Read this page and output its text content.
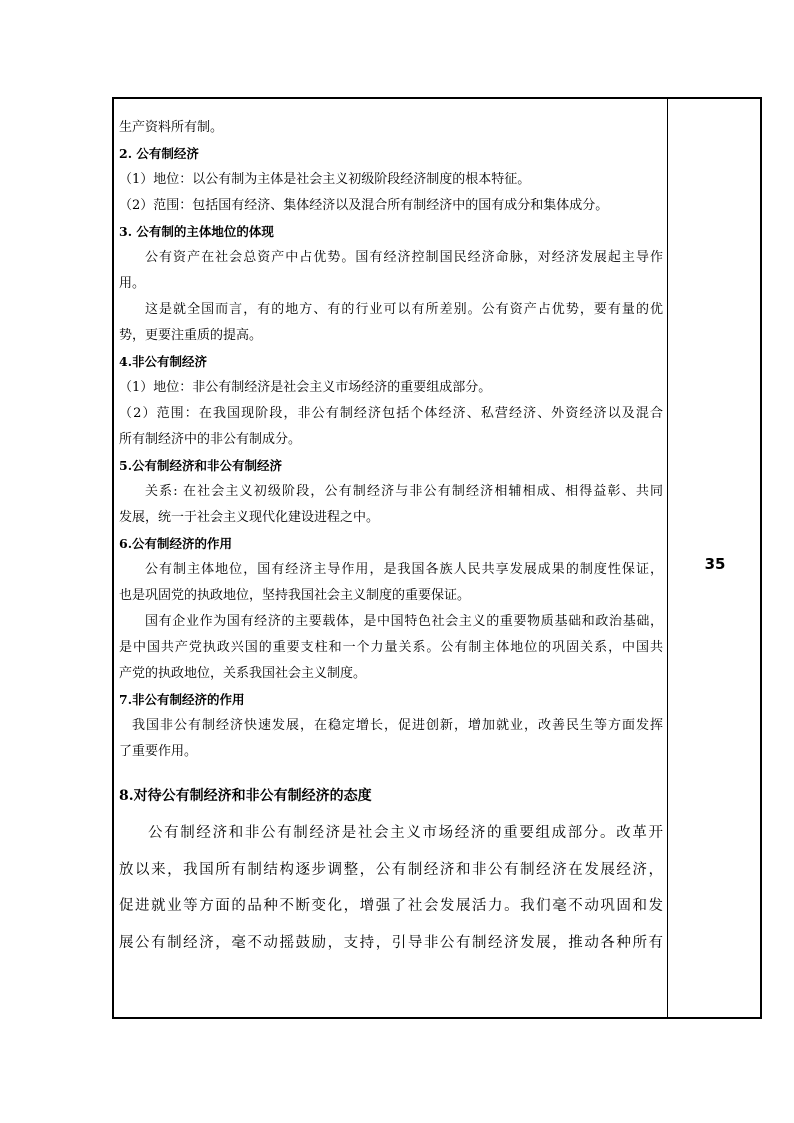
生产资料所有制。

2. 公有制经济

（1）地位：以公有制为主体是社会主义初级阶段经济制度的根本特征。

（2）范围：包括国有经济、集体经济以及混合所有制经济中的国有成分和集体成分。

3. 公有制的主体地位的体现

公有资产在社会总资产中占优势。国有经济控制国民经济命脉，对经济发展起主导作

用。

这是就全国而言，有的地方、有的行业可以有所差别。公有资产占优势，要有量的优

势，更要注重质的提高。

4.非公有制经济

（1）地位：非公有制经济是社会主义市场经济的重要组成部分。

（2）范围：在我国现阶段，非公有制经济包括个体经济、私营经济、外资经济以及混合

所有制经济中的非公有制成分。

5.公有制经济和非公有制经济

关系: 在社会主义初级阶段，公有制经济与非公有制经济相辅相成、相得益彰、共同

发展，统一于社会主义现代化建设进程之中。

6.公有制经济的作用

公有制主体地位，国有经济主导作用，是我国各族人民共享发展成果的制度性保证，

也是巩固党的执政地位，坚持我国社会主义制度的重要保证。

国有企业作为国有经济的主要载体，是中国特色社会主义的重要物质基础和政治基础，

是中国共产党执政兴国的重要支柱和一个力量关系。公有制主体地位的巩固关系，中国共

产党的执政地位，关系我国社会主义制度。

7.非公有制经济的作用

我国非公有制经济快速发展，在稳定增长，促进创新，增加就业，改善民生等方面发挥

了重要作用。

8.对待公有制经济和非公有制经济的态度

公有制经济和非公有制经济是社会主义市场经济的重要组成部分。改革开

放以来，我国所有制结构逐步调整，公有制经济和非公有制经济在发展经济，

促进就业等方面的品种不断变化，增强了社会发展活力。我们毫不动巩固和发

展公有制经济，毫不动摇鼓励，支持，引导非公有制经济发展，推动各种所有

35
